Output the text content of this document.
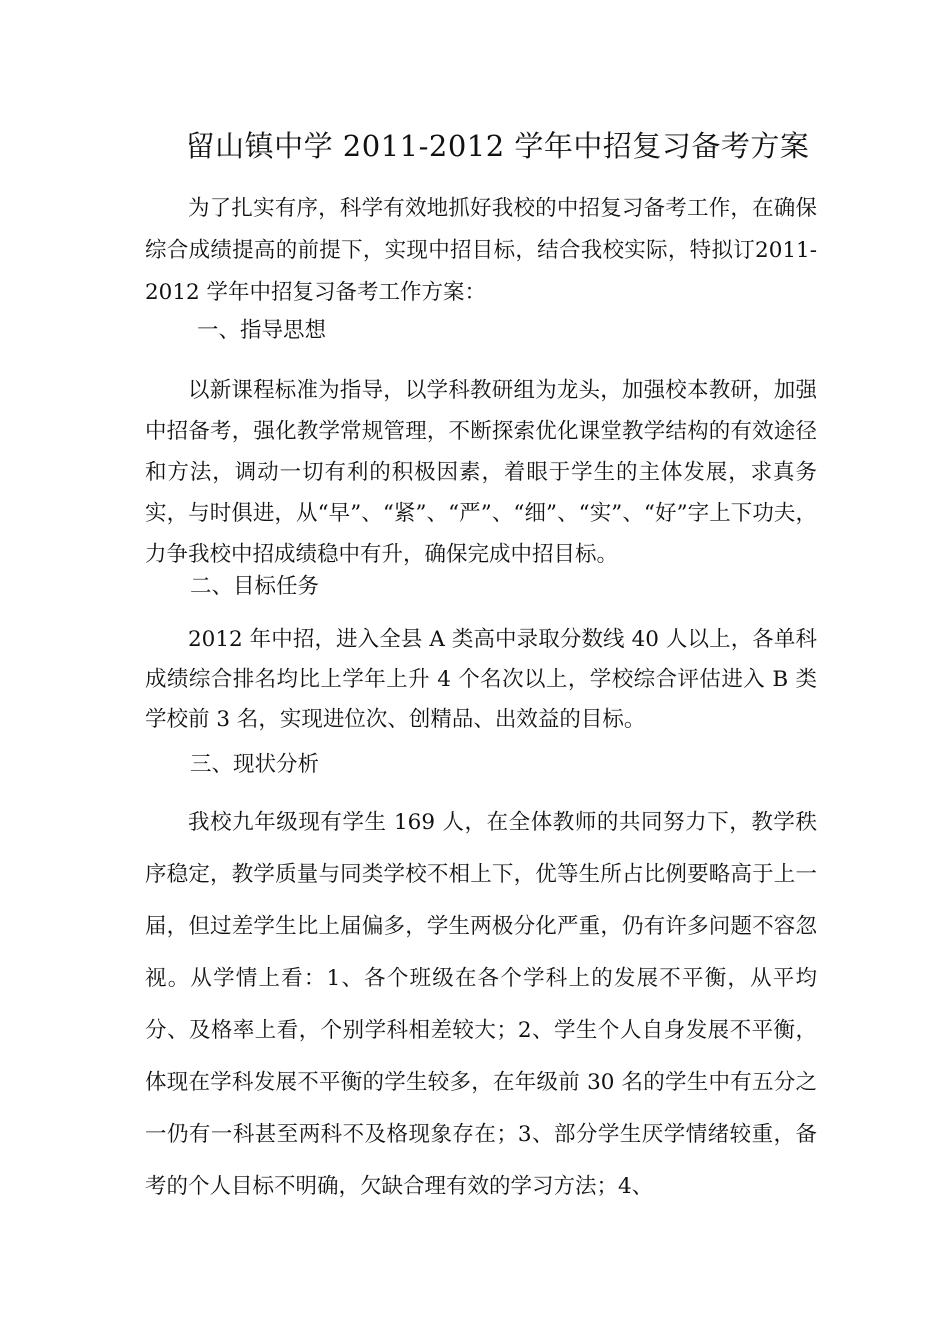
留山镇中学 2011-2012 学年中招复习备考方案

为了扎实有序，科学有效地抓好我校的中招复习备考工作，在确保综合成绩提高的前提下，实现中招目标，结合我校实际，特拟订2011-2012 学年中招复习备考工作方案：

一、指导思想

以新课程标准为指导，以学科教研组为龙头，加强校本教研，加强中招备考，强化教学常规管理，不断探索优化课堂教学结构的有效途径和方法，调动一切有利的积极因素，着眼于学生的主体发展，求真务实，与时俱进，从“早”、“紧”、“严”、“细”、“实”、“好”字上下功夫，力争我校中招成绩稳中有升，确保完成中招目标。

二、目标任务

2012 年中招，进入全县 A 类高中录取分数线 40 人以上，各单科成绩综合排名均比上学年上升 4 个名次以上，学校综合评估进入 B 类学校前 3 名，实现进位次、创精品、出效益的目标。

三、现状分析

我校九年级现有学生 169 人，在全体教师的共同努力下，教学秩序稳定，教学质量与同类学校不相上下，优等生所占比例要略高于上一届，但过差学生比上届偏多，学生两极分化严重，仍有许多问题不容忽视。从学情上看：1、各个班级在各个学科上的发展不平衡，从平均分、及格率上看，个别学科相差较大；2、学生个人自身发展不平衡，体现在学科发展不平衡的学生较多，在年级前 30 名的学生中有五分之一仍有一科甚至两科不及格现象存在；3、部分学生厌学情绪较重，备考的个人目标不明确，欠缺合理有效的学习方法；4、
